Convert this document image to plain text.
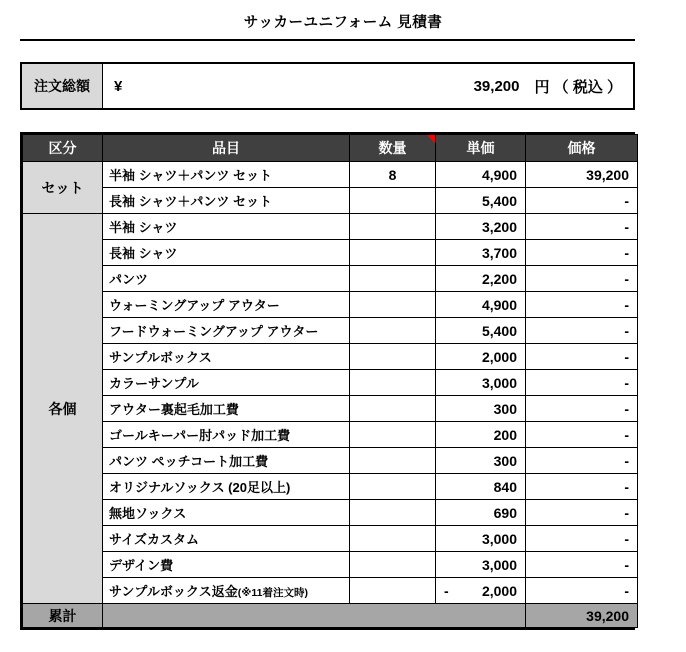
サッカーユニフォーム 見積書
注文総額	¥	39,200 円 （ 税込 ）
区分	品目	数量	単価	価格
セット	半袖 シャツ＋パンツ セット	8	4,900	39,200
	長袖 シャツ＋パンツ セット		5,400	-
各個	半袖 シャツ		3,200	-
	長袖 シャツ		3,700	-
	パンツ		2,200	-
	ウォーミングアップ アウター		4,900	-
	フードウォーミングアップ アウター		5,400	-
	サンプルボックス		2,000	-
	カラーサンプル		3,000	-
	アウター裏起毛加工費		300	-
	ゴールキーパー肘パッド加工費		200	-
	パンツ ペッチコート加工費		300	-
	オリジナルソックス (20足以上)		840	-
	無地ソックス		690	-
	サイズカスタム		3,000	-
	デザイン費		3,000	-
	サンプルボックス返金(※11着注文時)		- 2,000	-
累計				39,200
